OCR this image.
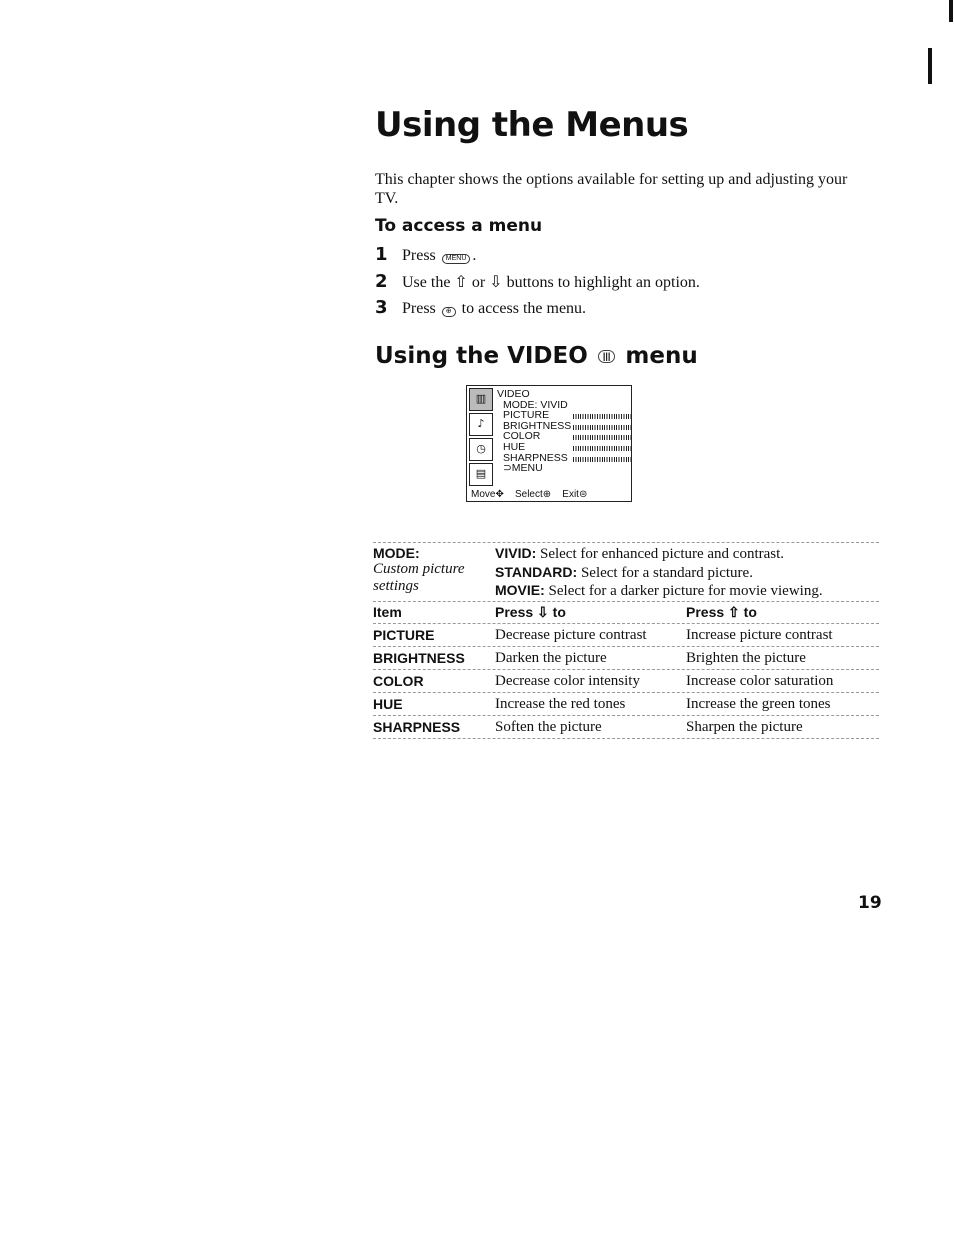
Using the Menus
This chapter shows the options available for setting up and adjusting your TV.
To access a menu
1 Press
	MENU .
2 Use the ⇧ or ⇩ buttons to highlight an option.
3 Press
	⊕
to access the menu.
Using the VIDEO
	|||
menu
▥
♪
◷
▤
VIDEO
MODE: VIVID
PICTURE
BRIGHTNESS
COLOR
HUE
SHARPNESS
⊃MENU
Move✥ Select⊕ Exit⊜
MODE:
Custom picture
settings
VIVID: Select for enhanced picture and contrast.
STANDARD: Select for a standard picture.
MOVIE: Select for a darker picture for movie viewing.
Item	Press ⇩ to	Press ⇧ to
PICTURE	Decrease picture contrast	Increase picture contrast
BRIGHTNESS Darken the picture	Brighten the picture
COLOR	Decrease color intensity	Increase color saturation
HUE	Increase the red tones	Increase the green tones
SHARPNESS Soften the picture	Sharpen the picture
19
